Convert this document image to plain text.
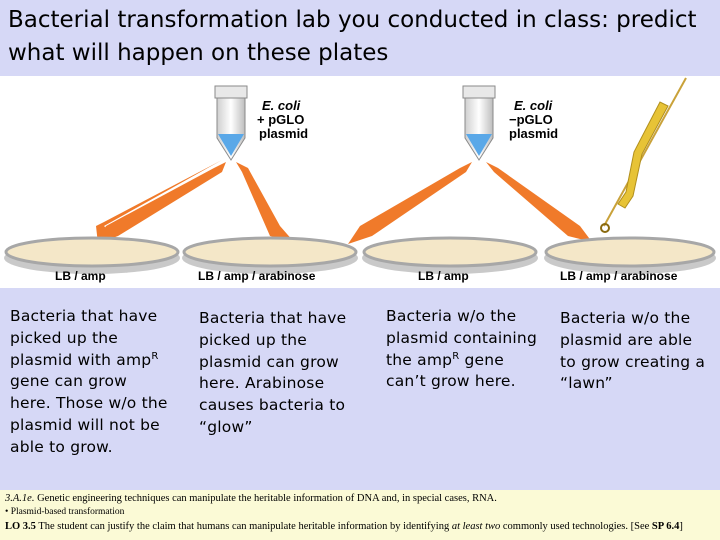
Bacterial transformation lab you conducted in class: predict what will happen on these plates
E. coli
+ pGLO
plasmid
E. coli
−pGLO
plasmid
LB / amp	LB / amp / arabinose	LB / amp	LB / amp / arabinose
Bacteria that have picked up the plasmid with amp$^R$ gene can grow here. Those w/o the plasmid will not be able to grow.
Bacteria that have picked up the plasmid can grow here. Arabinose causes bacteria to “glow”
Bacteria w/o the plasmid containing the amp$^R$ gene can’t grow here.
Bacteria w/o the plasmid are able to grow creating a “lawn”
3.A.1e. Genetic engineering techniques can manipulate the heritable information of DNA and, in special cases, RNA.
• Plasmid-based transformation
LO 3.5 The student can justify the claim that humans can manipulate heritable information by identifying at least two commonly used technologies. [See SP 6.4]
